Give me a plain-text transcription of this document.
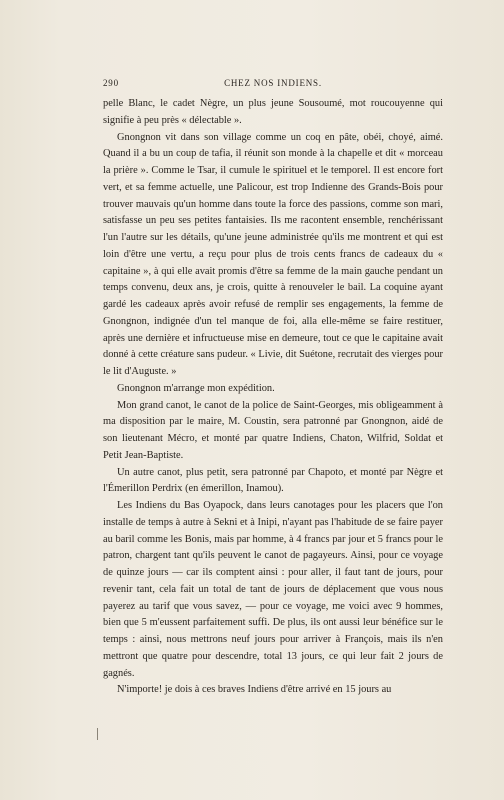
290	CHEZ NOS INDIENS.

pelle Blanc, le cadet Nègre, un plus jeune Sousoumé, mot roucouyenne qui signifie à peu près « délectable ».

Gnongnon vit dans son village comme un coq en pâte, obéi, choyé, aimé. Quand il a bu un coup de tafia, il réunit son monde à la chapelle et dit « morceau la prière ». Comme le Tsar, il cumule le spirituel et le temporel. Il est encore fort vert, et sa femme actuelle, une Palicour, est trop Indienne des Grands-Bois pour trouver mauvais qu'un homme dans toute la force des passions, comme son mari, satisfasse un peu ses petites fantaisies. Ils me racontent ensemble, renchérissant l'un l'autre sur les détails, qu'une jeune administrée qu'ils me montrent et qui est loin d'être une vertu, a reçu pour plus de trois cents francs de cadeaux du « capitaine », à qui elle avait promis d'être sa femme de la main gauche pendant un temps convenu, deux ans, je crois, quitte à renouveler le bail. La coquine ayant gardé les cadeaux après avoir refusé de remplir ses engagements, la femme de Gnongnon, indignée d'un tel manque de foi, alla elle-même se faire restituer, après une dernière et infructueuse mise en demeure, tout ce que le capitaine avait donné à cette créature sans pudeur. « Livie, dit Suétone, recrutait des vierges pour le lit d'Auguste. »

Gnongnon m'arrange mon expédition.

Mon grand canot, le canot de la police de Saint-Georges, mis obligeamment à ma disposition par le maire, M. Coustin, sera patronné par Gnongnon, aidé de son lieutenant Mécro, et monté par quatre Indiens, Chaton, Wilfrid, Soldat et Petit Jean-Baptiste.

Un autre canot, plus petit, sera patronné par Chapoto, et monté par Nègre et l'Émerillon Perdrix (en émerillon, Inamou).

Les Indiens du Bas Oyapock, dans leurs canotages pour les placers que l'on installe de temps à autre à Sekni et à Inipi, n'ayant pas l'habitude de se faire payer au baril comme les Bonis, mais par homme, à 4 francs par jour et 5 francs pour le patron, chargent tant qu'ils peuvent le canot de pagayeurs. Ainsi, pour ce voyage de quinze jours — car ils comptent ainsi : pour aller, il faut tant de jours, pour revenir tant, cela fait un total de tant de jours de déplacement que vous nous payerez au tarif que vous savez, — pour ce voyage, me voici avec 9 hommes, bien que 5 m'eussent parfaitement suffi. De plus, ils ont aussi leur bénéfice sur le temps : ainsi, nous mettrons neuf jours pour arriver à François, mais ils n'en mettront que quatre pour descendre, total 13 jours, ce qui leur fait 2 jours de gagnés.

N'importe! je dois à ces braves Indiens d'être arrivé en 15 jours au
